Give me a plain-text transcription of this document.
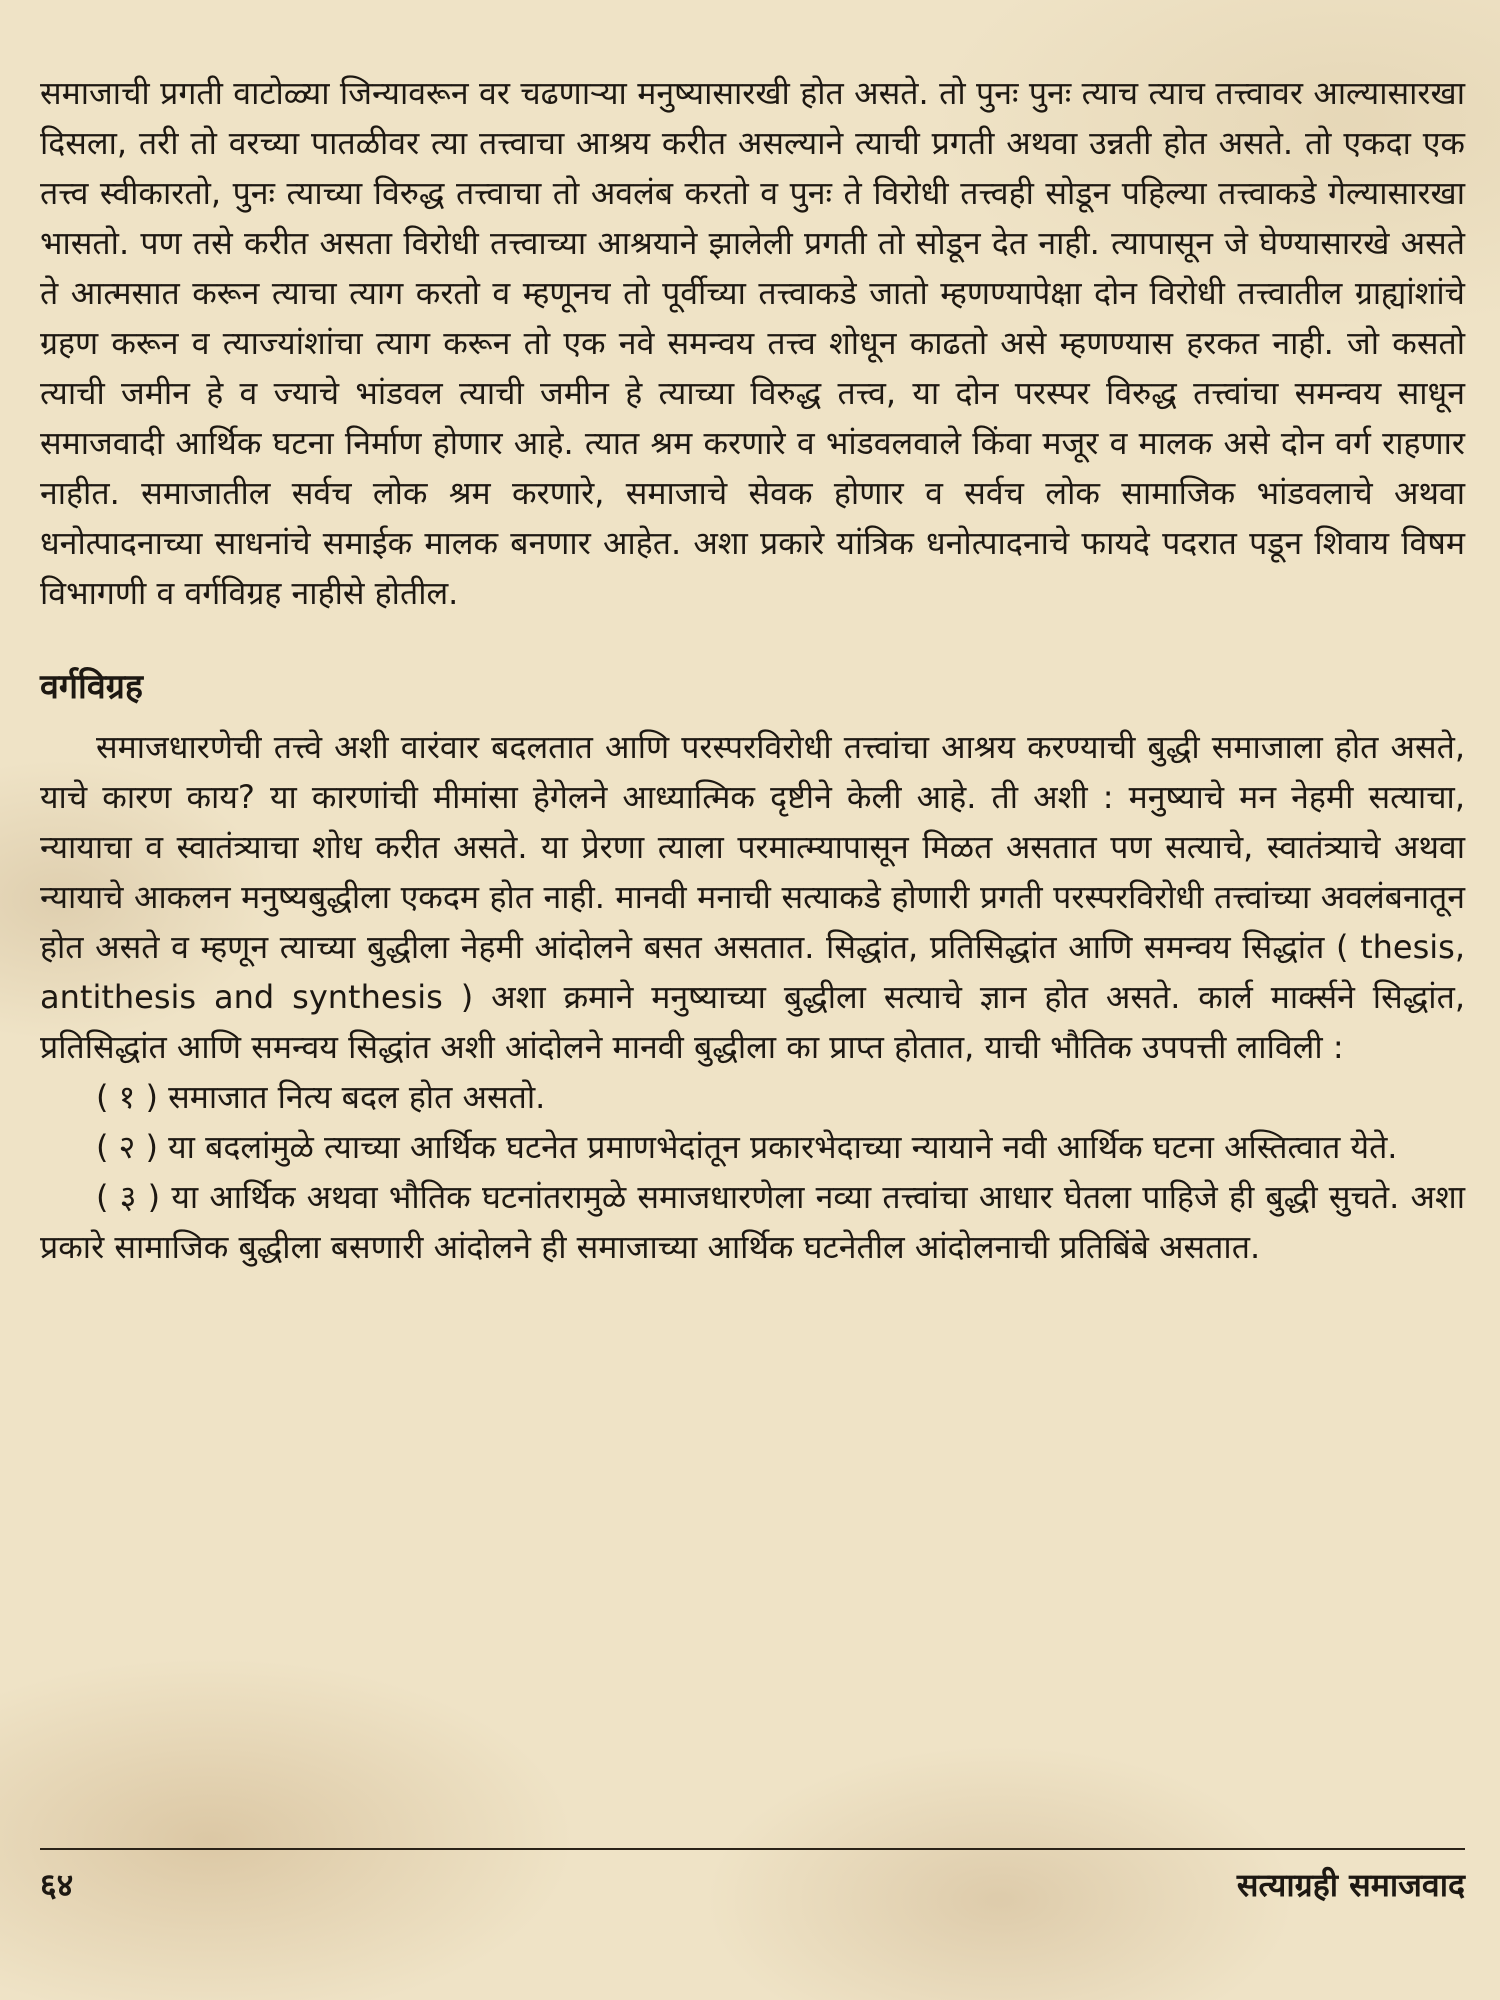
समाजाची प्रगती वाटोळ्या जिन्यावरून वर चढणाऱ्या मनुष्यासारखी होत असते. तो पुनः पुनः त्याच त्याच तत्त्वावर आल्यासारखा दिसला, तरी तो वरच्या पातळीवर त्या तत्त्वाचा आश्रय करीत असल्याने त्याची प्रगती अथवा उन्नती होत असते. तो एकदा एक तत्त्व स्वीकारतो, पुनः त्याच्या विरुद्ध तत्त्वाचा तो अवलंब करतो व पुनः ते विरोधी तत्त्वही सोडून पहिल्या तत्त्वाकडे गेल्यासारखा भासतो. पण तसे करीत असता विरोधी तत्त्वाच्या आश्रयाने झालेली प्रगती तो सोडून देत नाही. त्यापासून जे घेण्यासारखे असते ते आत्मसात करून त्याचा त्याग करतो व म्हणूनच तो पूर्वीच्या तत्त्वाकडे जातो म्हणण्यापेक्षा दोन विरोधी तत्त्वातील ग्राह्यांशांचे ग्रहण करून व त्याज्यांशांचा त्याग करून तो एक नवे समन्वय तत्त्व शोधून काढतो असे म्हणण्यास हरकत नाही. जो कसतो त्याची जमीन हे व ज्याचे भांडवल त्याची जमीन हे त्याच्या विरुद्ध तत्त्व, या दोन परस्पर विरुद्ध तत्त्वांचा समन्वय साधून समाजवादी आर्थिक घटना निर्माण होणार आहे. त्यात श्रम करणारे व भांडवलवाले किंवा मजूर व मालक असे दोन वर्ग राहणार नाहीत. समाजातील सर्वच लोक श्रम करणारे, समाजाचे सेवक होणार व सर्वच लोक सामाजिक भांडवलाचे अथवा धनोत्पादनाच्या साधनांचे समाईक मालक बनणार आहेत. अशा प्रकारे यांत्रिक धनोत्पादनाचे फायदे पदरात पडून शिवाय विषम विभागणी व वर्गविग्रह नाहीसे होतील.

वर्गविग्रह

समाजधारणेची तत्त्वे अशी वारंवार बदलतात आणि परस्परविरोधी तत्त्वांचा आश्रय करण्याची बुद्धी समाजाला होत असते, याचे कारण काय? या कारणांची मीमांसा हेगेलने आध्यात्मिक दृष्टीने केली आहे. ती अशी : मनुष्याचे मन नेहमी सत्याचा, न्यायाचा व स्वातंत्र्याचा शोध करीत असते. या प्रेरणा त्याला परमात्म्यापासून मिळत असतात पण सत्याचे, स्वातंत्र्याचे अथवा न्यायाचे आकलन मनुष्यबुद्धीला एकदम होत नाही. मानवी मनाची सत्याकडे होणारी प्रगती परस्परविरोधी तत्त्वांच्या अवलंबनातून होत असते व म्हणून त्याच्या बुद्धीला नेहमी आंदोलने बसत असतात. सिद्धांत, प्रतिसिद्धांत आणि समन्वय सिद्धांत ( thesis, antithesis and synthesis ) अशा क्रमाने मनुष्याच्या बुद्धीला सत्याचे ज्ञान होत असते. कार्ल मार्क्सने सिद्धांत, प्रतिसिद्धांत आणि समन्वय सिद्धांत अशी आंदोलने मानवी बुद्धीला का प्राप्त होतात, याची भौतिक उपपत्ती लाविली :

( १ ) समाजात नित्य बदल होत असतो.

( २ ) या बदलांमुळे त्याच्या आर्थिक घटनेत प्रमाणभेदांतून प्रकारभेदाच्या न्यायाने नवी आर्थिक घटना अस्तित्वात येते.

( ३ ) या आर्थिक अथवा भौतिक घटनांतरामुळे समाजधारणेला नव्या तत्त्वांचा आधार घेतला पाहिजे ही बुद्धी सुचते. अशा प्रकारे सामाजिक बुद्धीला बसणारी आंदोलने ही समाजाच्या आर्थिक घटनेतील आंदोलनाची प्रतिबिंबे असतात.

६४	सत्याग्रही समाजवाद
